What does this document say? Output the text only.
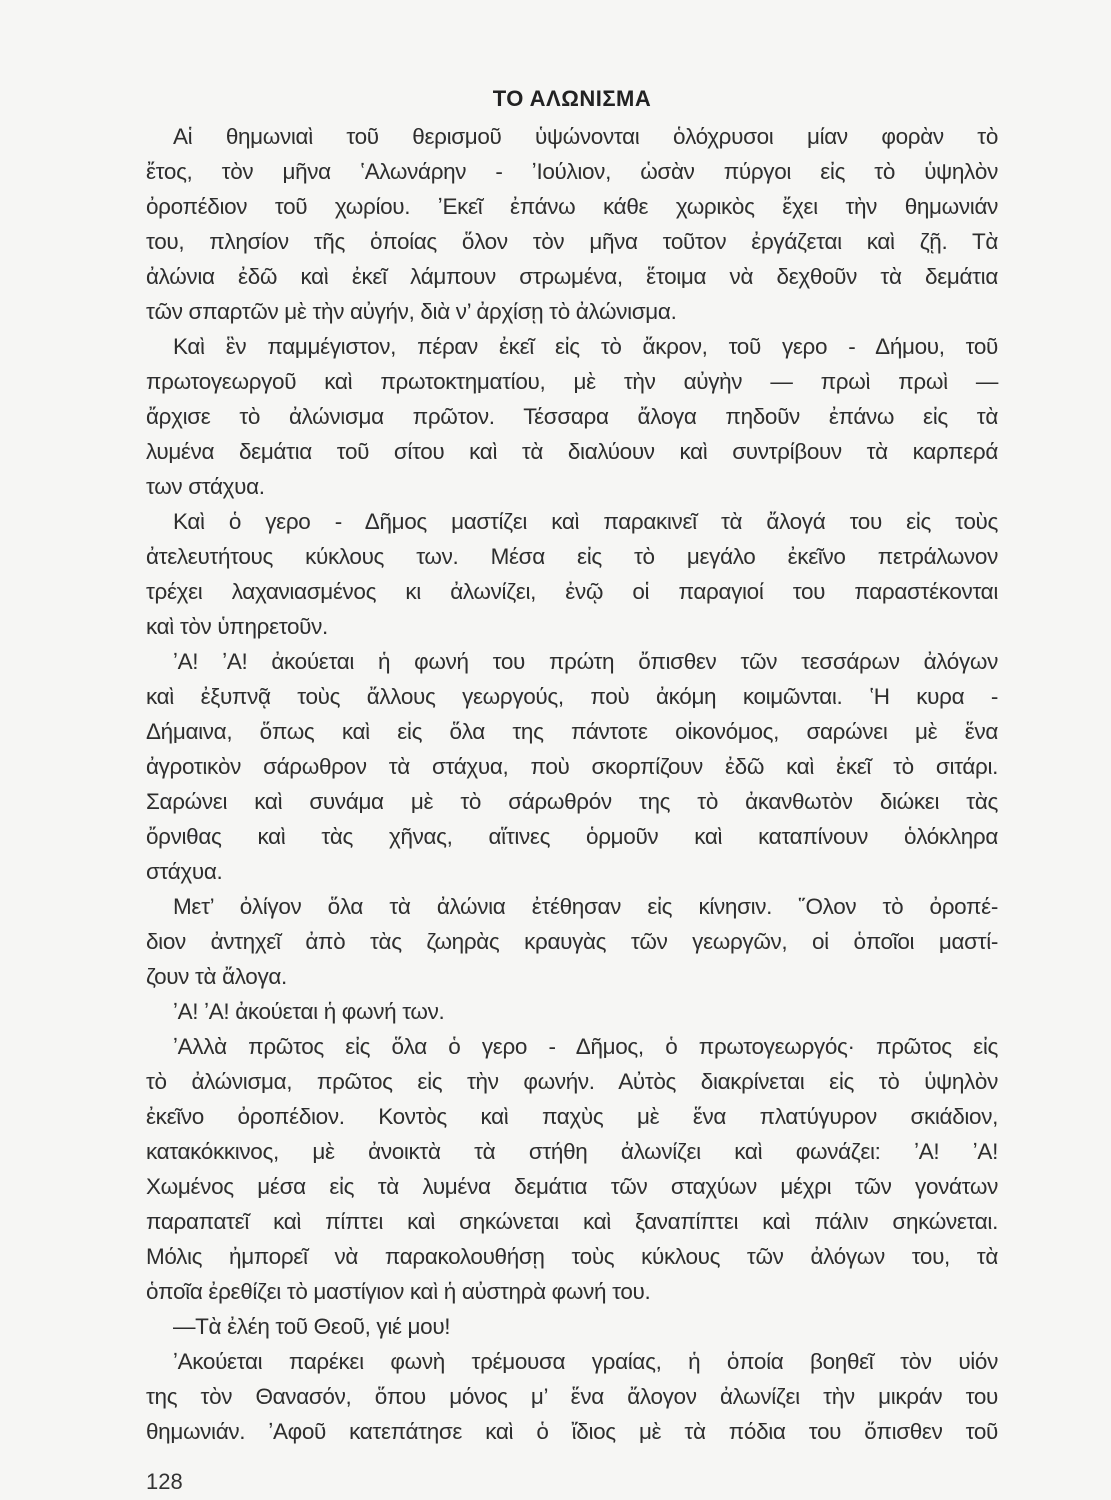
ΤΟ ΑΛΩΝΙΣΜΑ
Αἱ θημωνιαὶ τοῦ θερισμοῦ ὑψώνονται ὁλόχρυσοι μίαν φορὰν τὸ
ἔτος, τὸν μῆνα ʽΑλωνάρην - ʼΙούλιον, ὡσὰν πύργοι εἰς τὸ ὑψηλὸν
ὀροπέδιον τοῦ χωρίου. ʼΕκεῖ ἐπάνω κάθε χωρικὸς ἔχει τὴν θημωνιάν
του, πλησίον τῆς ὁποίας ὅλον τὸν μῆνα τοῦτον ἐργάζεται καὶ ζῇ. Τὰ
ἀλώνια ἐδῶ καὶ ἐκεῖ λάμπουν στρωμένα, ἕτοιμα νὰ δεχθοῦν τὰ δεμάτια
τῶν σπαρτῶν μὲ τὴν αὐγήν, διὰ ν’ ἀρχίσῃ τὸ ἀλώνισμα.
Καὶ ἓν παμμέγιστον, πέραν ἐκεῖ εἰς τὸ ἄκρον, τοῦ γερο - Δήμου, τοῦ
πρωτογεωργοῦ καὶ πρωτοκτηματίου, μὲ τὴν αὐγὴν — πρωὶ πρωὶ —
ἄρχισε τὸ ἀλώνισμα πρῶτον. Τέσσαρα ἄλογα πηδοῦν ἐπάνω εἰς τὰ
λυμένα δεμάτια τοῦ σίτου καὶ τὰ διαλύουν καὶ συντρίβουν τὰ καρπερά
των στάχυα.
Καὶ ὁ γερο - Δῆμος μαστίζει καὶ παρακινεῖ τὰ ἄλογά του εἰς τοὺς
ἀτελευτήτους κύκλους των. Μέσα εἰς τὸ μεγάλο ἐκεῖνο πετράλωνον
τρέχει λαχανιασμένος κι ἀλωνίζει, ἐνῷ οἱ παραγιοί του παραστέκονται
καὶ τὸν ὑπηρετοῦν.
ʼΑ! ʼΑ! ἀκούεται ἡ φωνή του πρώτη ὄπισθεν τῶν τεσσάρων ἀλόγων
καὶ ἐξυπνᾷ τοὺς ἄλλους γεωργούς, ποὺ ἀκόμη κοιμῶνται. ʽΗ κυρα -
Δήμαινα, ὅπως καὶ εἰς ὅλα της πάντοτε οἰκονόμος, σαρώνει μὲ ἕνα
ἀγροτικὸν σάρωθρον τὰ στάχυα, ποὺ σκορπίζουν ἐδῶ καὶ ἐκεῖ τὸ σιτάρι.
Σαρώνει καὶ συνάμα μὲ τὸ σάρωθρόν της τὸ ἀκανθωτὸν διώκει τὰς
ὄρνιθας καὶ τὰς χῆνας, αἵτινες ὁρμοῦν καὶ καταπίνουν ὁλόκληρα
στάχυα.
Μετ’ ὀλίγον ὅλα τὰ ἀλώνια ἐτέθησαν εἰς κίνησιν. ῞Ολον τὸ ὀροπέ-
διον ἀντηχεῖ ἀπὸ τὰς ζωηρὰς κραυγὰς τῶν γεωργῶν, οἱ ὁποῖοι μαστί-
ζουν τὰ ἄλογα.
ʼΑ! ʼΑ! ἀκούεται ἡ φωνή των.
ʼΑλλὰ πρῶτος εἰς ὅλα ὁ γερο - Δῆμος, ὁ πρωτογεωργός· πρῶτος εἰς
τὸ ἀλώνισμα, πρῶτος εἰς τὴν φωνήν. Αὐτὸς διακρίνεται εἰς τὸ ὑψηλὸν
ἐκεῖνο ὀροπέδιον. Κοντὸς καὶ παχὺς μὲ ἕνα πλατύγυρον σκιάδιον,
κατακόκκινος, μὲ ἀνοικτὰ τὰ στήθη ἀλωνίζει καὶ φωνάζει: ʼΑ! ʼΑ!
Χωμένος μέσα εἰς τὰ λυμένα δεμάτια τῶν σταχύων μέχρι τῶν γονάτων
παραπατεῖ καὶ πίπτει καὶ σηκώνεται καὶ ξαναπίπτει καὶ πάλιν σηκώνεται.
Μόλις ἠμπορεῖ νὰ παρακολουθήσῃ τοὺς κύκλους τῶν ἀλόγων του, τὰ
ὁποῖα ἐρεθίζει τὸ μαστίγιον καὶ ἡ αὐστηρὰ φωνή του.
—Τὰ ἐλέη τοῦ Θεοῦ, γιέ μου!
ʼΑκούεται παρέκει φωνὴ τρέμουσα γραίας, ἡ ὁποία βοηθεῖ τὸν υἱόν
της τὸν Θανασόν, ὅπου μόνος μ’ ἕνα ἄλογον ἀλωνίζει τὴν μικράν του
θημωνιάν. ʼΑφοῦ κατεπάτησε καὶ ὁ ἴδιος μὲ τὰ πόδια του ὄπισθεν τοῦ
128
